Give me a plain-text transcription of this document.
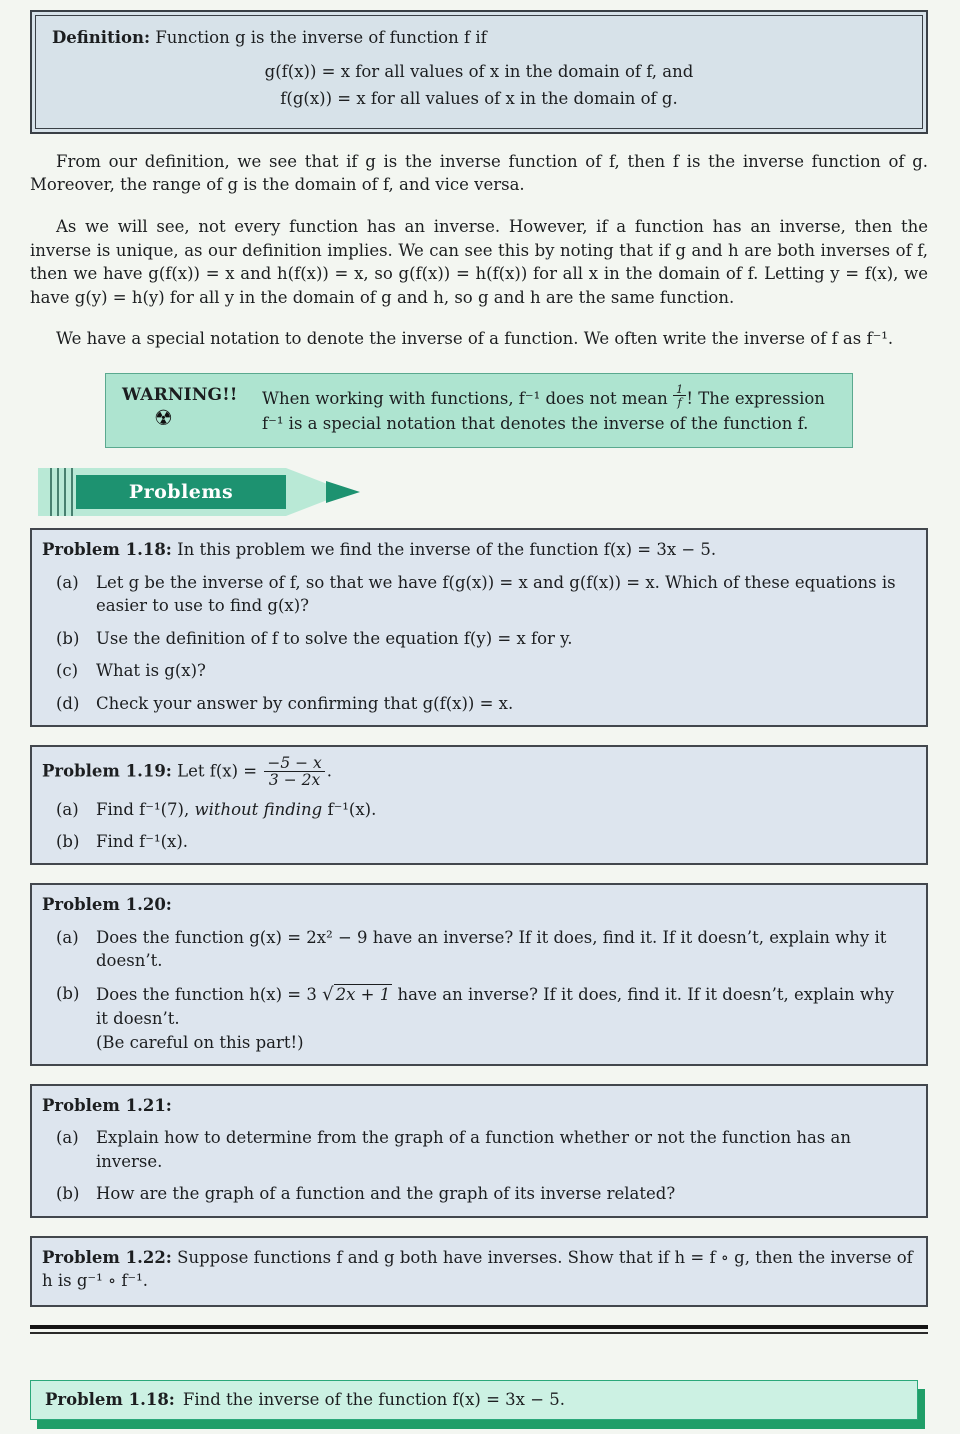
Definition: Function g is the inverse of function f if

g(f(x)) = x for all values of x in the domain of f, and
f(g(x)) = x for all values of x in the domain of g.

From our definition, we see that if g is the inverse function of f, then f is the inverse function of g. Moreover, the range of g is the domain of f, and vice versa.

As we will see, not every function has an inverse. However, if a function has an inverse, then the inverse is unique, as our definition implies. We can see this by noting that if g and h are both inverses of f, then we have g(f(x)) = x and h(f(x)) = x, so g(f(x)) = h(f(x)) for all x in the domain of f. Letting y = f(x), we have g(y) = h(y) for all y in the domain of g and h, so g and h are the same function.

We have a special notation to denote the inverse of a function. We often write the inverse of f as f⁻¹.

WARNING!!
☢
When working with functions, f⁻¹ does not mean $\frac{1}{f}$ ! The expression f⁻¹ is a special notation that denotes the inverse of the function f.
Problems

Problem 1.18: In this problem we find the inverse of the function f(x) = 3x − 5.

(a)	Let g be the inverse of f, so that we have f(g(x)) = x and g(f(x)) = x. Which of these equations is easier to use to find g(x)?
(b)	Use the definition of f to solve the equation f(y) = x for y.
(c)	What is g(x)?
(d)	Check your answer by confirming that g(f(x)) = x.

Problem 1.19: Let $f(x) = \frac{-5 - x}{3 - 2x}$ .

(a)	Find f⁻¹(7), without finding f⁻¹(x).
(b)	Find f⁻¹(x).

Problem 1.20:

(a)	Does the function g(x) = 2x² − 9 have an inverse? If it does, find it. If it doesn’t, explain why it doesn’t.
(b)	Does the function h(x) = 3 √ 2x + 1 have an inverse? If it does, find it. If it doesn’t, explain why it doesn’t.
(Be careful on this part!)

Problem 1.21:

(a)	Explain how to determine from the graph of a function whether or not the function has an inverse.
(b)	How are the graph of a function and the graph of its inverse related?

Problem 1.22: Suppose functions f and g both have inverses. Show that if h = f ∘ g, then the inverse of h is g⁻¹ ∘ f⁻¹.

Problem 1.18: Find the inverse of the function f(x) = 3x − 5.
